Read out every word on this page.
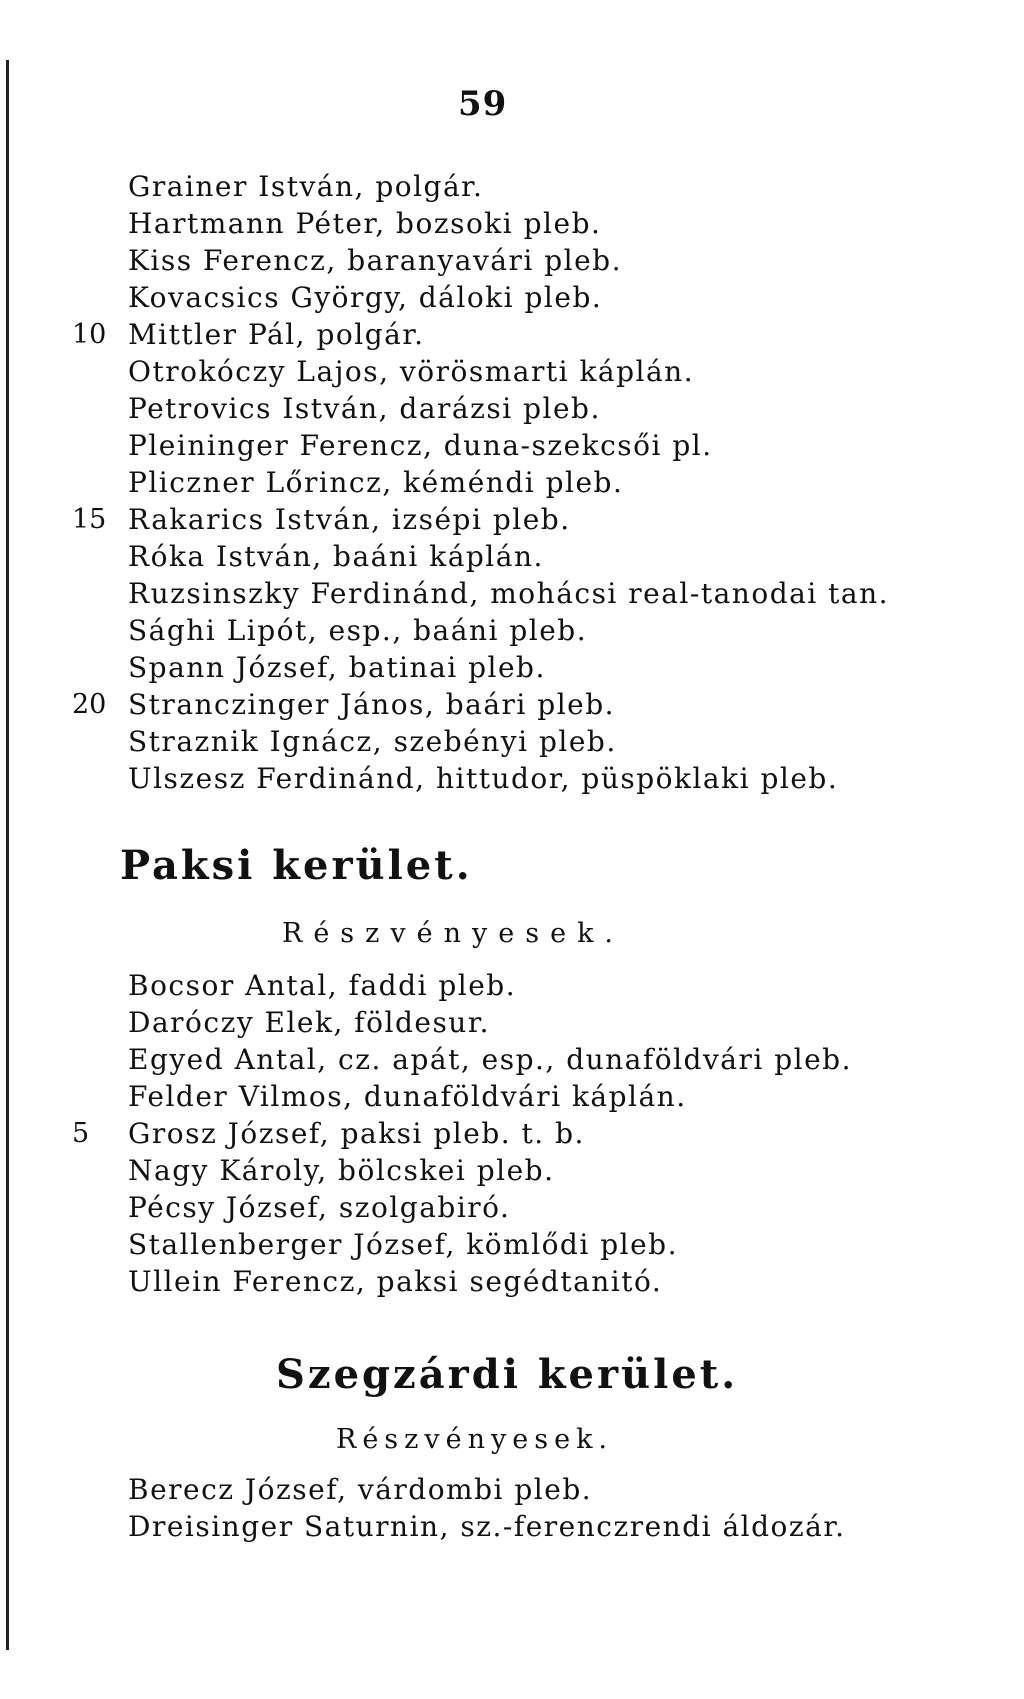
59
Grainer István, polgár.
Hartmann Péter, bozsoki pleb.
Kiss Ferencz, baranyavári pleb.
Kovacsics György, dáloki pleb.
10 Mittler Pál, polgár.
Otrokóczy Lajos, vörösmarti káplán.
Petrovics István, darázsi pleb.
Pleininger Ferencz, duna-szekcsői pl.
Pliczner Lőrincz, kéméndi pleb.
15 Rakarics István, izsépi pleb.
Róka István, baáni káplán.
Ruzsinszky Ferdinánd, mohácsi real-tanodai tan.
Sághi Lipót, esp., baáni pleb.
Spann József, batinai pleb.
20 Stranczinger János, baári pleb.
Straznik Ignácz, szebényi pleb.
Ulszesz Ferdinánd, hittudor, püspöklaki pleb.
Paksi kerület.
Részvényesek.
Bocsor Antal, faddi pleb.
Daróczy Elek, földesur.
Egyed Antal, cz. apát, esp., dunaföldvári pleb.
Felder Vilmos, dunaföldvári káplán.
5	Grosz József, paksi pleb. t. b.
Nagy Károly, bölcskei pleb.
Pécsy József, szolgabiró.
Stallenberger József, kömlődi pleb.
Ullein Ferencz, paksi segédtanitó.
Szegzárdi kerület.
Részvényesek.
Berecz József, várdombi pleb.
Dreisinger Saturnin, sz.-ferenczrendi áldozár.
